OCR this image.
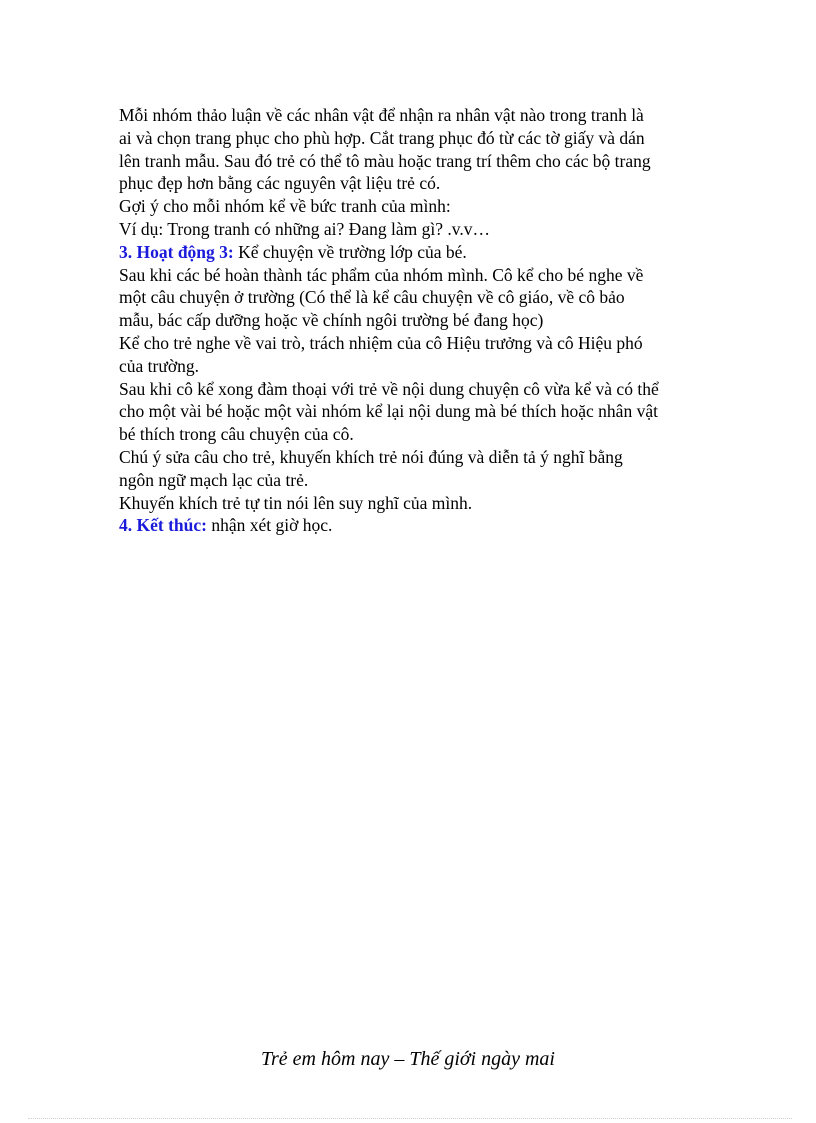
Mỗi nhóm thảo luận về các nhân vật để nhận ra nhân vật nào trong tranh là
ai và chọn trang phục cho phù hợp. Cắt trang phục đó từ các tờ giấy và dán
lên tranh mẫu. Sau đó trẻ có thể tô màu hoặc trang trí thêm cho các bộ trang
phục đẹp hơn bằng các nguyên vật liệu trẻ có.
Gợi ý cho mỗi nhóm kể về bức tranh của mình:
Ví dụ: Trong tranh có những ai? Đang làm gì? .v.v…
3. Hoạt động 3: Kể chuyện về trường lớp của bé.
Sau khi các bé hoàn thành tác phẩm của nhóm mình. Cô kể cho bé nghe về
một câu chuyện ở trường (Có thể là kể câu chuyện về cô giáo, về cô bảo
mẫu, bác cấp dưỡng hoặc về chính ngôi trường bé đang học)
Kể cho trẻ nghe về vai trò, trách nhiệm của cô Hiệu trưởng và cô Hiệu phó
của trường.
Sau khi cô kể xong đàm thoại với trẻ về nội dung chuyện cô vừa kể và có thể
cho một vài bé hoặc một vài nhóm kể lại nội dung mà bé thích hoặc nhân vật
bé thích trong câu chuyện của cô.
Chú ý sửa câu cho trẻ, khuyến khích trẻ nói đúng và diễn tả ý nghĩ bằng
ngôn ngữ mạch lạc của trẻ.
Khuyến khích trẻ tự tin nói lên suy nghĩ của mình.
4. Kết thúc: nhận xét giờ học.
Trẻ em hôm nay – Thế giới ngày mai
